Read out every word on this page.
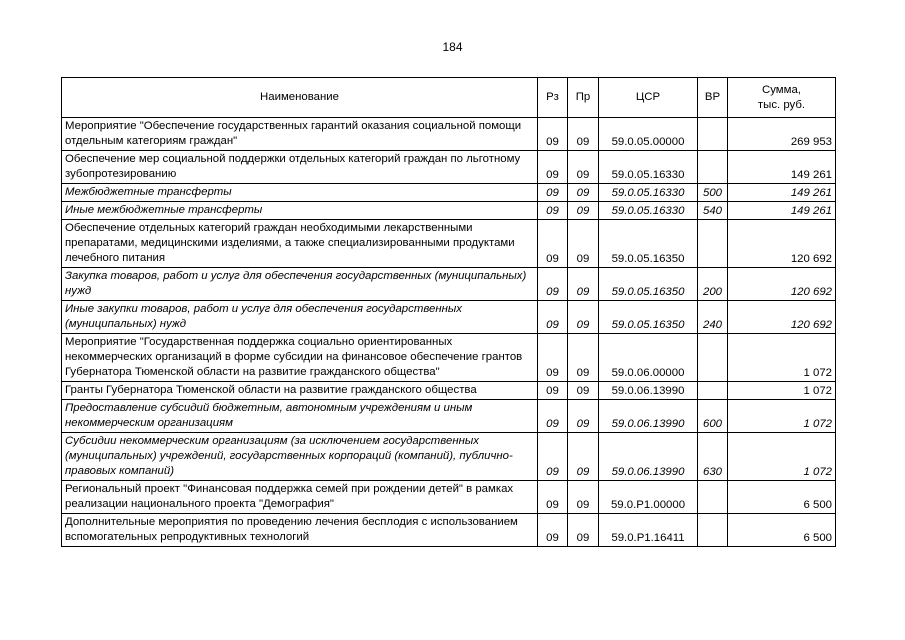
184
Наименование	Рз	Пр	ЦСР	ВР	Сумма,
тыс. руб.

Мероприятие "Обеспечение государственных гарантий оказания социальной помощи отдельным категориям граждан"	09	09	59.0.05.00000		269 953
Обеспечение мер социальной поддержки отдельных категорий граждан по льготному зубопротезированию	09	09	59.0.05.16330		149 261
Межбюджетные трансферты	09	09	59.0.05.16330	500	149 261
Иные межбюджетные трансферты	09	09	59.0.05.16330	540	149 261
Обеспечение отдельных категорий граждан необходимыми лекарственными препаратами, медицинскими изделиями, а также специализированными продуктами лечебного питания	09	09	59.0.05.16350		120 692
Закупка товаров, работ и услуг для обеспечения государственных (муниципальных) нужд	09	09	59.0.05.16350	200	120 692
Иные закупки товаров, работ и услуг для обеспечения государственных (муниципальных) нужд	09	09	59.0.05.16350	240	120 692
Мероприятие "Государственная поддержка социально ориентированных некоммерческих организаций в форме субсидии на финансовое обеспечение грантов Губернатора Тюменской области на развитие гражданского общества"	09	09	59.0.06.00000		1 072
Гранты Губернатора Тюменской области на развитие гражданского общества	09	09	59.0.06.13990		1 072
Предоставление субсидий бюджетным, автономным учреждениям и иным некоммерческим организациям	09	09	59.0.06.13990	600	1 072
Субсидии некоммерческим организациям (за исключением государственных (муниципальных) учреждений, государственных корпораций (компаний), публично-правовых компаний)	09	09	59.0.06.13990	630	1 072
Региональный проект "Финансовая поддержка семей при рождении детей" в рамках реализации национального проекта "Демография"	09	09	59.0.Р1.00000		6 500
Дополнительные мероприятия по проведению лечения бесплодия с использованием вспомогательных репродуктивных технологий	09	09	59.0.Р1.16411		6 500
